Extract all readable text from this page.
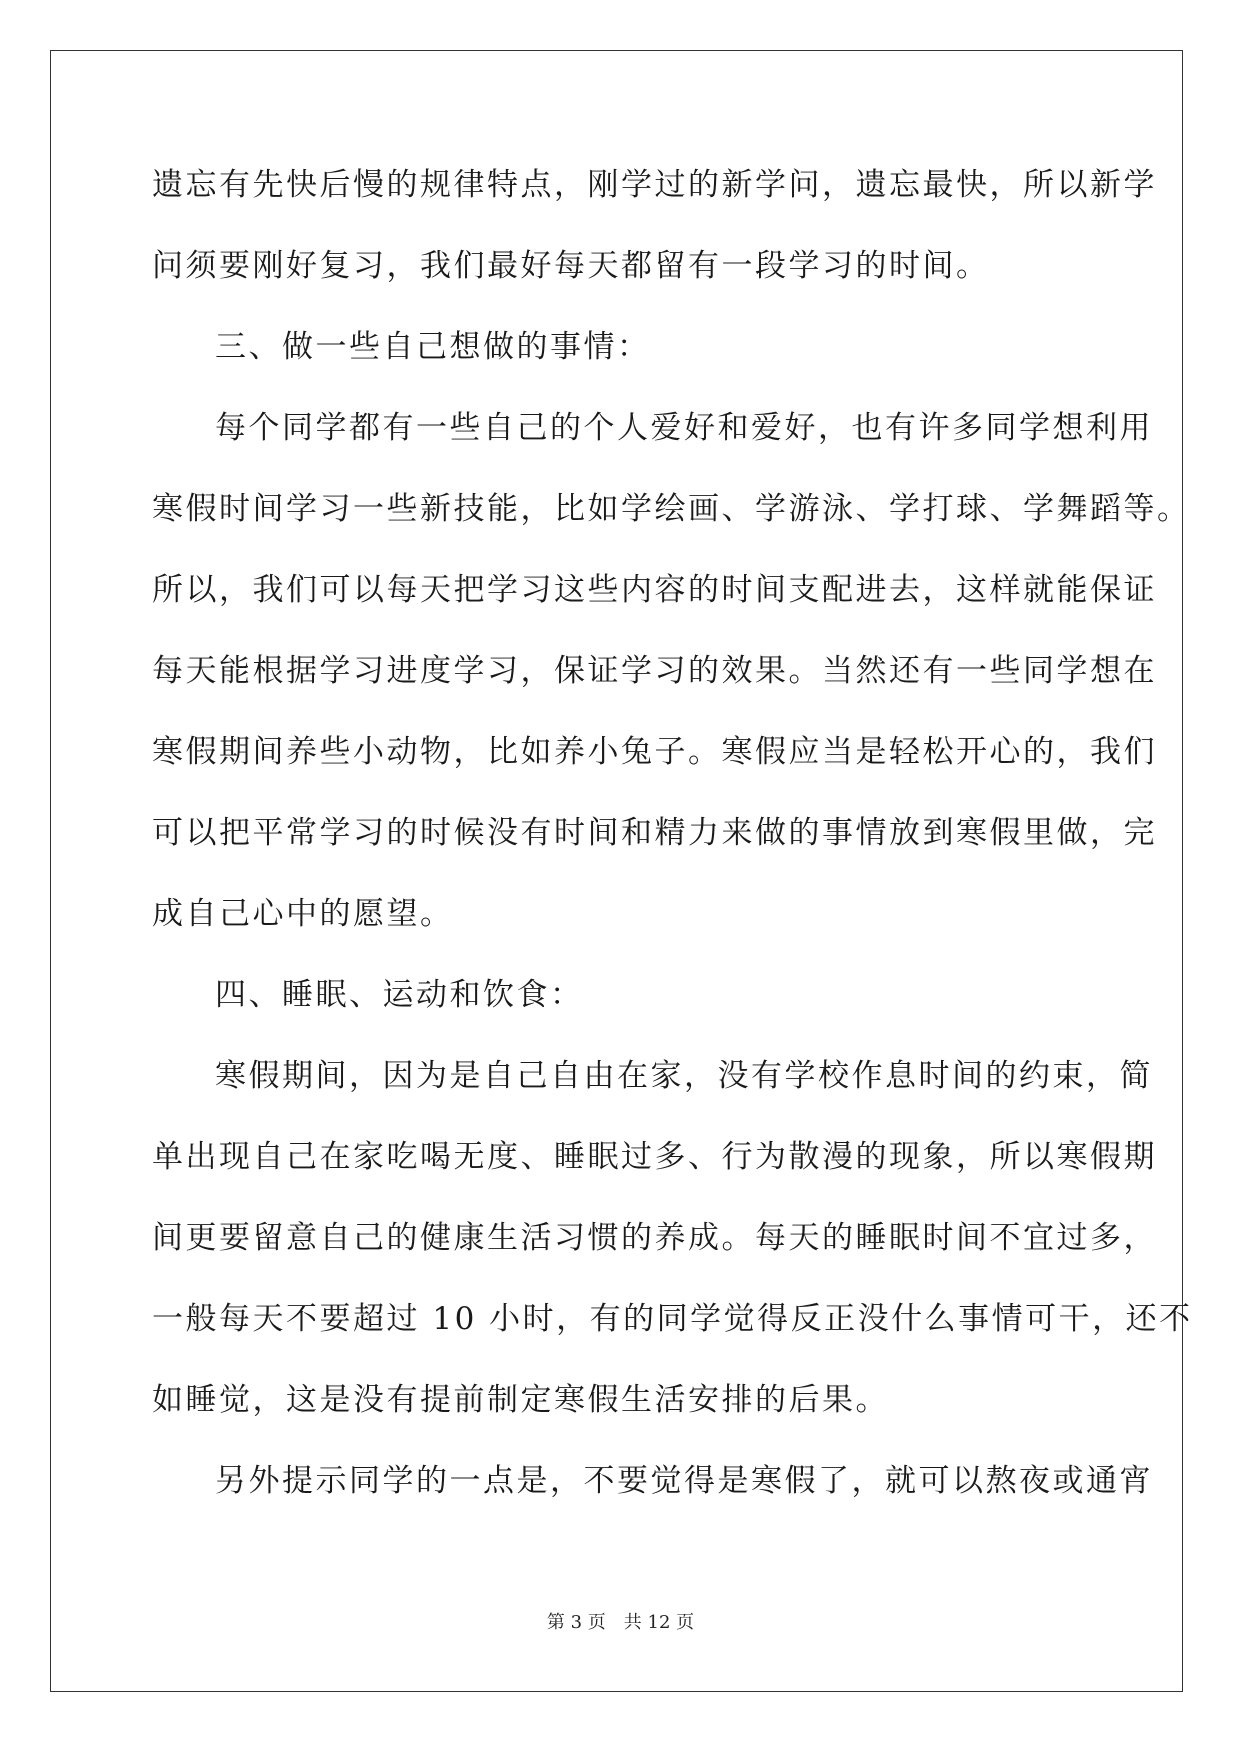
遗忘有先快后慢的规律特点，刚学过的新学问，遗忘最快，所以新学
问须要刚好复习，我们最好每天都留有一段学习的时间。
三、做一些自己想做的事情：
每个同学都有一些自己的个人爱好和爱好，也有许多同学想利用
寒假时间学习一些新技能，比如学绘画、学游泳、学打球、学舞蹈等。
所以，我们可以每天把学习这些内容的时间支配进去，这样就能保证
每天能根据学习进度学习，保证学习的效果。当然还有一些同学想在
寒假期间养些小动物，比如养小兔子。寒假应当是轻松开心的，我们
可以把平常学习的时候没有时间和精力来做的事情放到寒假里做，完
成自己心中的愿望。
四、睡眠、运动和饮食：
寒假期间，因为是自己自由在家，没有学校作息时间的约束，简
单出现自己在家吃喝无度、睡眠过多、行为散漫的现象，所以寒假期
间更要留意自己的健康生活习惯的养成。每天的睡眠时间不宜过多，
一般每天不要超过 10 小时，有的同学觉得反正没什么事情可干，还不
如睡觉，这是没有提前制定寒假生活安排的后果。
另外提示同学的一点是，不要觉得是寒假了，就可以熬夜或通宵
第 3 页 共 12 页
